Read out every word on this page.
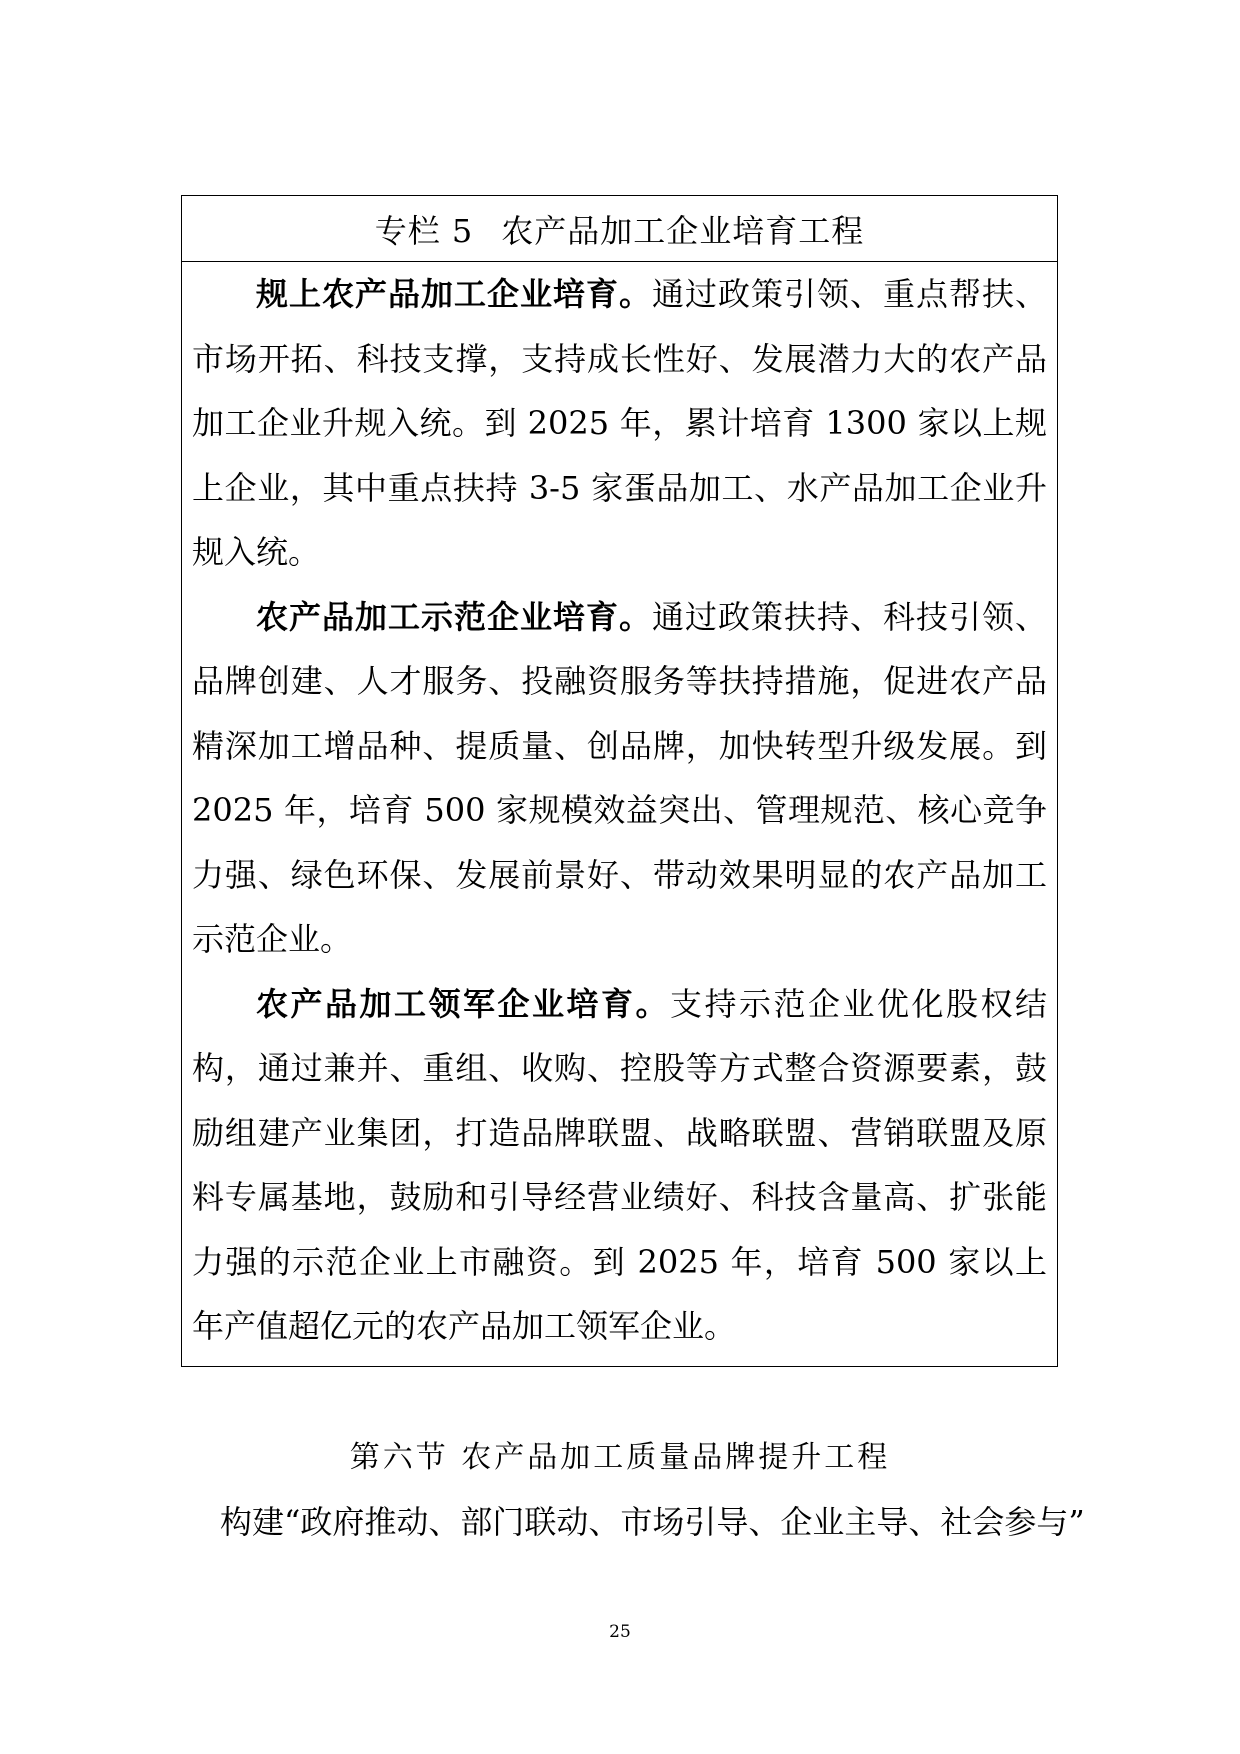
专栏 5 农产品加工企业培育工程

规上农产品加工企业培育。通过政策引领、重点帮扶、市场开拓、科技支撑，支持成长性好、发展潜力大的农产品加工企业升规入统。到 2025 年，累计培育 1300 家以上规上企业，其中重点扶持 3-5 家蛋品加工、水产品加工企业升规入统。

农产品加工示范企业培育。通过政策扶持、科技引领、品牌创建、人才服务、投融资服务等扶持措施，促进农产品精深加工增品种、提质量、创品牌，加快转型升级发展。到 2025 年，培育 500 家规模效益突出、管理规范、核心竞争力强、绿色环保、发展前景好、带动效果明显的农产品加工示范企业。

农产品加工领军企业培育。支持示范企业优化股权结构，通过兼并、重组、收购、控股等方式整合资源要素，鼓励组建产业集团，打造品牌联盟、战略联盟、营销联盟及原料专属基地，鼓励和引导经营业绩好、科技含量高、扩张能力强的示范企业上市融资。到 2025 年，培育 500 家以上年产值超亿元的农产品加工领军企业。

第六节 农产品加工质量品牌提升工程
构建“政府推动、部门联动、市场引导、企业主导、社会参与”
25
